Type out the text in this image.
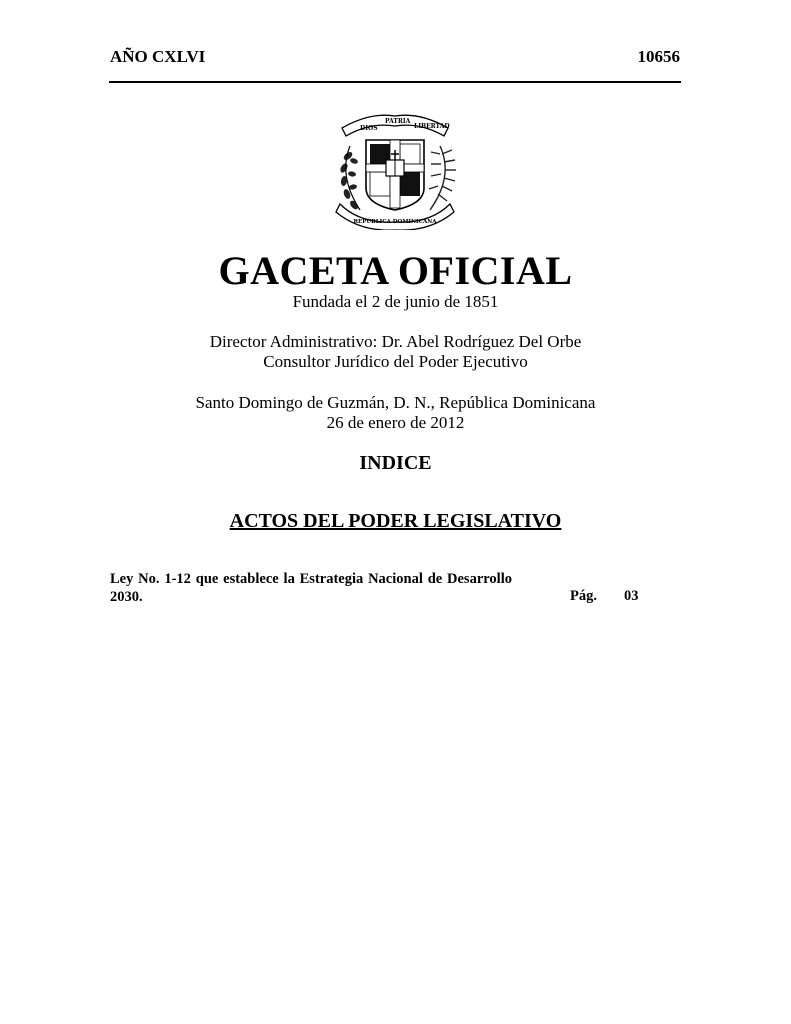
AÑO CXLVI	10656
DIOS
PATRIA
LIBERTAD
REPÚBLICA DOMINICANA
GACETA OFICIAL
Fundada el 2 de junio de 1851
Director Administrativo: Dr. Abel Rodríguez Del Orbe
Consultor Jurídico del Poder Ejecutivo
Santo Domingo de Guzmán, D. N., República Dominicana
26 de enero de 2012
INDICE
ACTOS DEL PODER LEGISLATIVO
Ley No. 1-12 que establece la Estrategia Nacional de Desarrollo 2030.	Pág. 03
